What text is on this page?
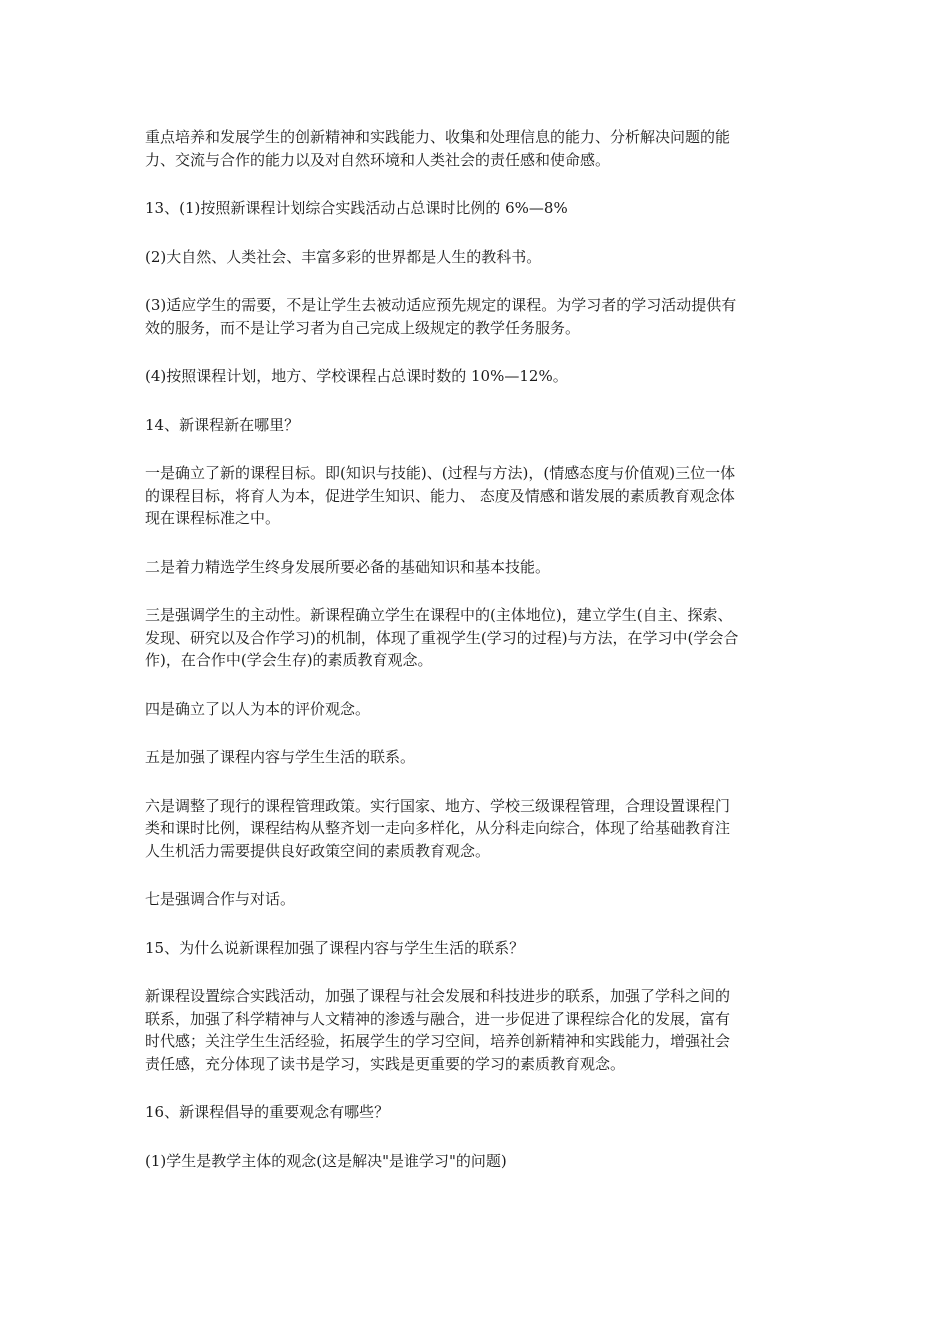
重点培养和发展学生的创新精神和实践能力、收集和处理信息的能力、分析解决问题的能
力、交流与合作的能力以及对自然环境和人类社会的责任感和使命感。

13、(1)按照新课程计划综合实践活动占总课时比例的 6%—8%

(2)大自然、人类社会、丰富多彩的世界都是人生的教科书。

(3)适应学生的需要，不是让学生去被动适应预先规定的课程。为学习者的学习活动提供有
效的服务，而不是让学习者为自己完成上级规定的教学任务服务。

(4)按照课程计划，地方、学校课程占总课时数的 10%—12%。

14、新课程新在哪里？

一是确立了新的课程目标。即(知识与技能)、(过程与方法)，(情感态度与价值观)三位一体
的课程目标，将育人为本，促进学生知识、能力、 态度及情感和谐发展的素质教育观念体
现在课程标准之中。

二是着力精选学生终身发展所要必备的基础知识和基本技能。

三是强调学生的主动性。新课程确立学生在课程中的(主体地位)，建立学生(自主、探索、
发现、研究以及合作学习)的机制，体现了重视学生(学习的过程)与方法，在学习中(学会合
作)，在合作中(学会生存)的素质教育观念。

四是确立了以人为本的评价观念。

五是加强了课程内容与学生生活的联系。

六是调整了现行的课程管理政策。实行国家、地方、学校三级课程管理，合理设置课程门
类和课时比例，课程结构从整齐划一走向多样化，从分科走向综合，体现了给基础教育注
人生机活力需要提供良好政策空间的素质教育观念。

七是强调合作与对话。

15、为什么说新课程加强了课程内容与学生生活的联系？

新课程设置综合实践活动，加强了课程与社会发展和科技进步的联系，加强了学科之间的
联系，加强了科学精神与人文精神的渗透与融合，进一步促进了课程综合化的发展，富有
时代感；关注学生生活经验，拓展学生的学习空间，培养创新精神和实践能力，增强社会
责任感，充分体现了读书是学习，实践是更重要的学习的素质教育观念。

16、新课程倡导的重要观念有哪些？

(1)学生是教学主体的观念(这是解决"是谁学习"的问题)
